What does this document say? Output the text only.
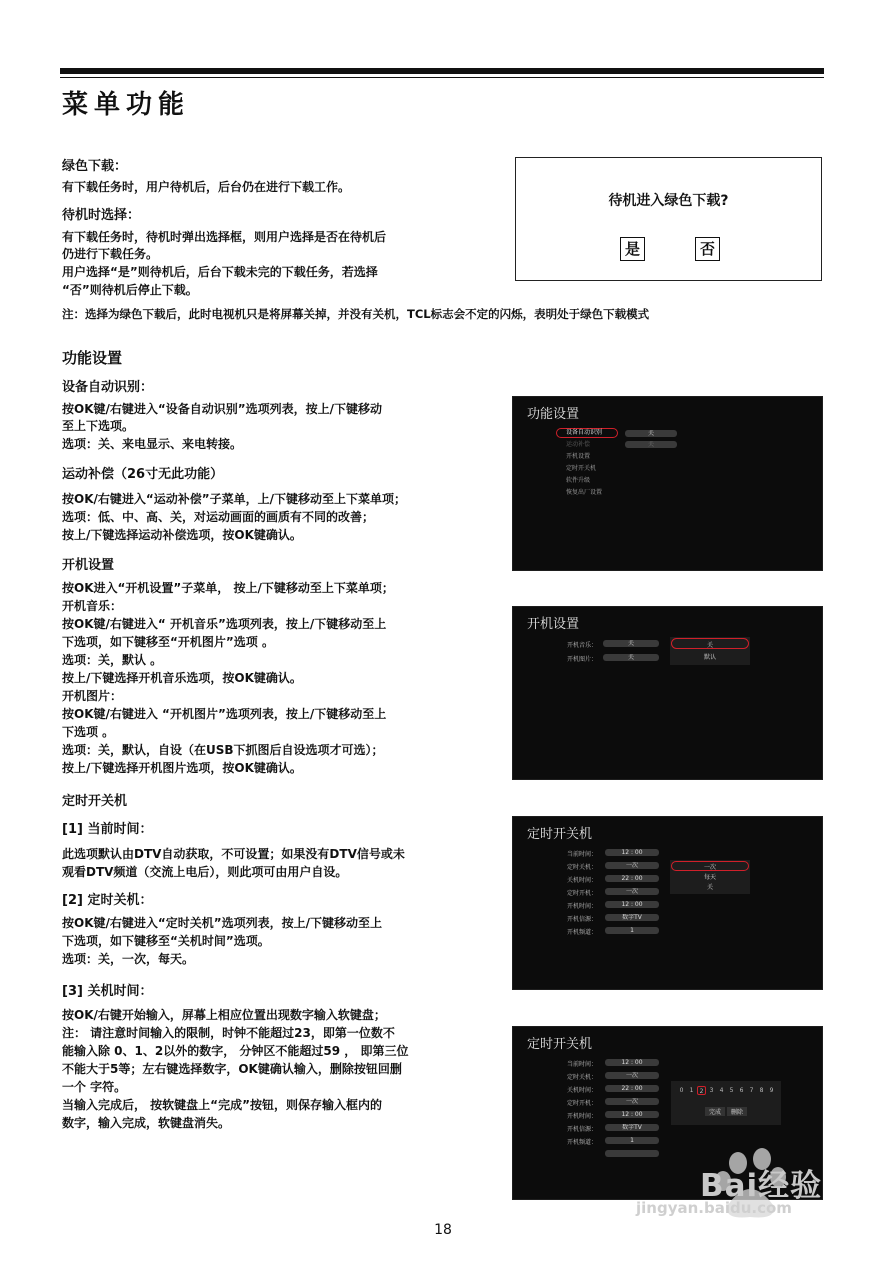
菜单功能
绿色下载：
有下载任务时，用户待机后，后台仍在进行下载工作。
待机时选择：
有下载任务时，待机时弹出选择框，则用户选择是否在待机后
仍进行下载任务。
用户选择“是”则待机后，后台下载未完的下载任务，若选择
“否”则待机后停止下载。
注：选择为绿色下载后，此时电视机只是将屏幕关掉，并没有关机，TCL标志会不定的闪烁，表明处于绿色下载模式
待机进入绿色下载?
是	否
功能设置
设备自动识别：
按OK键/右键进入“设备自动识别”选项列表，按上/下键移动
至上下选项。
选项：关、来电显示、来电转接。
运动补偿（26寸无此功能）
按OK/右键进入“运动补偿”子菜单，上/下键移动至上下菜单项；
选项：低、中、高、关，对运动画面的画质有不同的改善；
按上/下键选择运动补偿选项，按OK键确认。
开机设置
按OK进入“开机设置”子菜单， 按上/下键移动至上下菜单项；
开机音乐：
按OK键/右键进入“ 开机音乐”选项列表，按上/下键移动至上
下选项，如下键移至“开机图片”选项 。
选项：关，默认 。
按上/下键选择开机音乐选项，按OK键确认。
开机图片：
按OK键/右键进入 “开机图片”选项列表，按上/下键移动至上
下选项 。
选项：关，默认，自设（在USB下抓图后自设选项才可选）；
按上/下键选择开机图片选项，按OK键确认。
定时开关机
[1] 当前时间：
此选项默认由DTV自动获取，不可设置；如果没有DTV信号或未
观看DTV频道（交流上电后），则此项可由用户自设。
[2] 定时关机：
按OK键/右键进入“定时关机”选项列表，按上/下键移动至上
下选项，如下键移至“关机时间”选项。
选项：关，一次，每天。
[3] 关机时间：
按OK/右键开始输入，屏幕上相应位置出现数字输入软键盘；
注： 请注意时间输入的限制，时钟不能超过23，即第一位数不
能输入除 0、1、2以外的数字， 分钟区不能超过59 ， 即第三位
不能大于5等；左右键选择数字，OK键确认输入，删除按钮回删
一个 字符。
当输入完成后， 按软键盘上“完成”按钮，则保存输入框内的
数字，输入完成，软键盘消失。
功能设置
设备自动识别
运动补偿
开机设置
定时开关机
软件升级
恢复出厂设置
关
关
开机设置
开机音乐：	关
开机图片：	关
关
默认
定时开关机
当前时间：	12 : 00
定时关机：	一次
关机时间：	22 : 00
定时开机：	一次
开机时间：	12 : 00
开机信源：	数字TV
开机频道：	1
一次
每天
关
定时开关机
当前时间：	12 : 00
定时关机：	一次
关机时间：	22 : 00
定时开机：	一次
开机时间：	12 : 00
开机信源：	数字TV
开机频道：	1
0	1	2	3	4	5	6	7	8	9
完成	删除
18
Bai经验
jingyan.baidu.com
